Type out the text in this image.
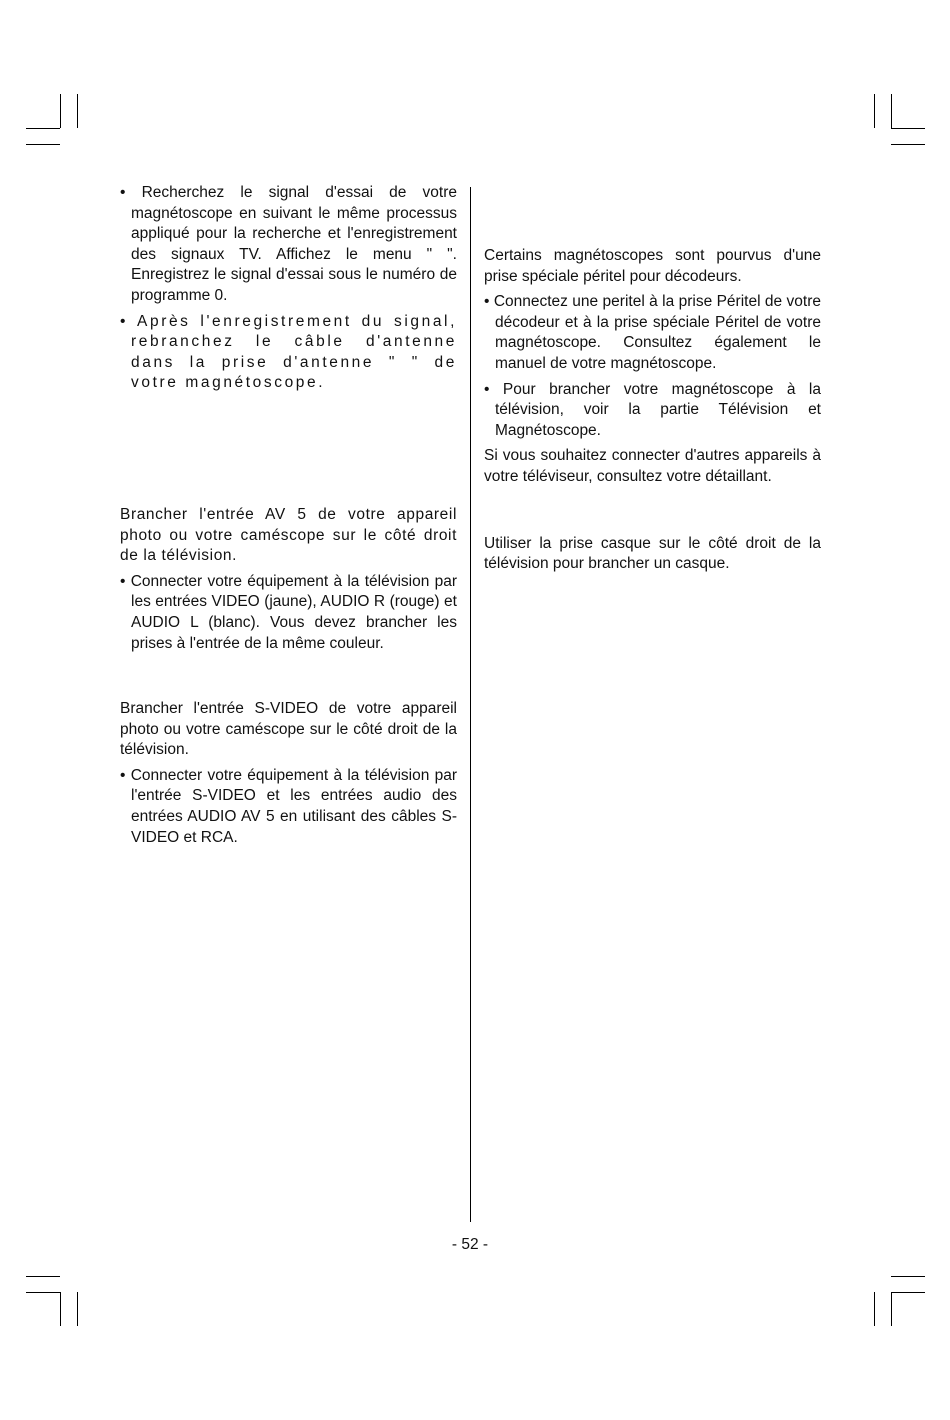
• Recherchez le signal d'essai de votre magnétoscope en suivant le même processus appliqué pour la recherche et l'enregistrement des signaux TV. Affichez le menu " ". Enregistrez le signal d'essai sous le numéro de programme 0.

• Après l'enregistrement du signal, rebranchez le câble d'antenne dans la prise d'antenne " " de votre magnétoscope.

Brancher l'entrée AV 5 de votre appareil photo ou votre caméscope sur le côté droit de la télévision.

• Connecter votre équipement à la télévision par les entrées VIDEO (jaune), AUDIO R (rouge) et AUDIO L (blanc). Vous devez brancher les prises à l'entrée de la même couleur.

Brancher l'entrée S-VIDEO de votre appareil photo ou votre caméscope sur le côté droit de la télévision.

• Connecter votre équipement à la télévision par l'entrée S-VIDEO et les entrées audio des entrées AUDIO AV 5 en utilisant des câbles S-VIDEO et RCA.

Certains magnétoscopes sont pourvus d'une prise spéciale péritel pour décodeurs.

• Connectez une peritel à la prise Péritel de votre décodeur et à la prise spéciale Péritel de votre magnétoscope. Consultez également le manuel de votre magnétoscope.

• Pour brancher votre magnétoscope à la télévision, voir la partie Télévision et Magnétoscope.

Si vous souhaitez connecter d'autres appareils à votre téléviseur, consultez votre détaillant.

Utiliser la prise casque sur le côté droit de la télévision pour brancher un casque.

- 52 -
